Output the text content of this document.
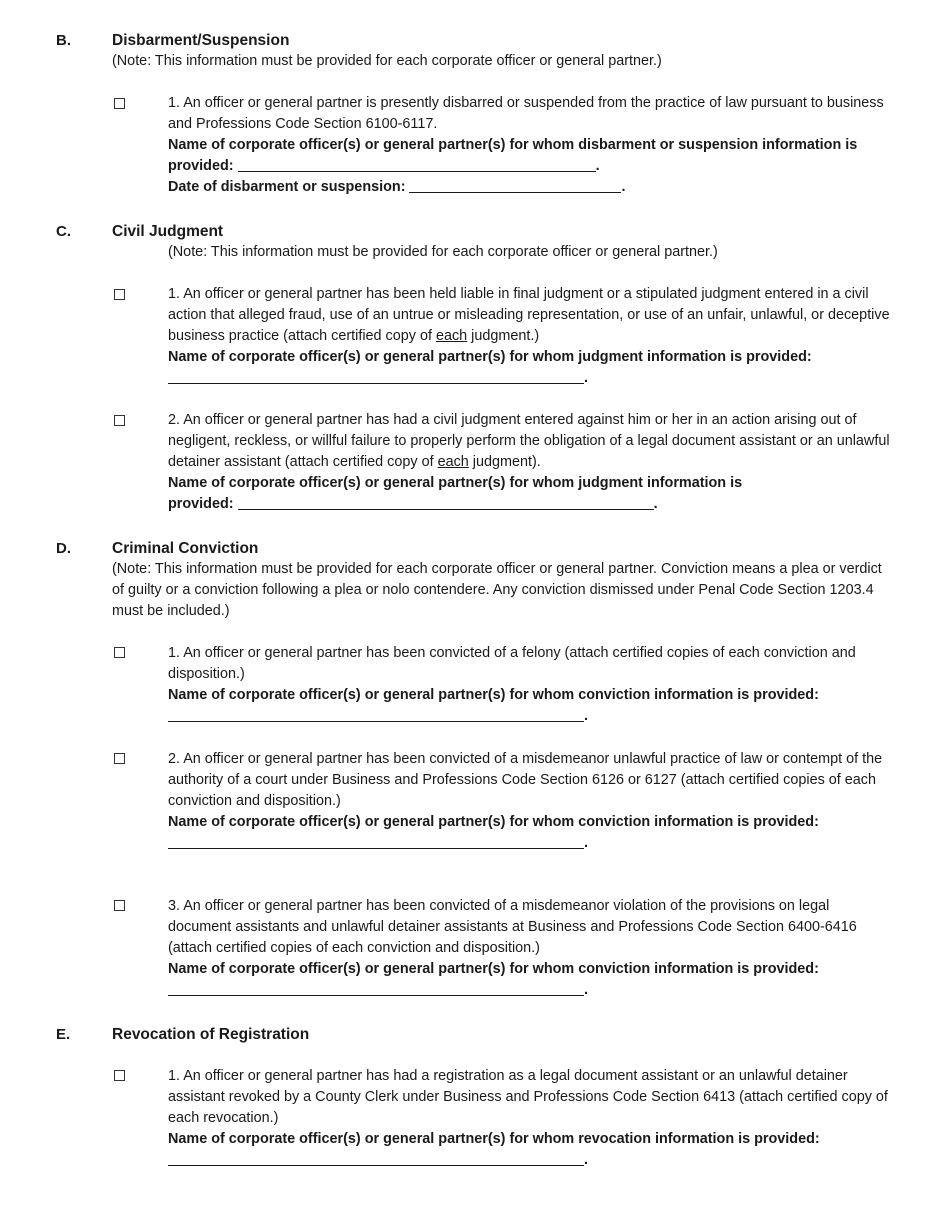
B.	Disbarment/Suspension
(Note: This information must be provided for each corporate officer or general partner.)

1. An officer or general partner is presently disbarred or suspended from the practice of law pursuant to business and Professions Code Section 6100-6117.

Name of corporate officer(s) or general partner(s) for whom disbarment or suspension information is provided:	.

Date of disbarment or suspension:	.

C.	Civil Judgment
(Note: This information must be provided for each corporate officer or general partner.)

1. An officer or general partner has been held liable in final judgment or a stipulated judgment entered in a civil action that alleged fraud, use of an untrue or misleading representation, or use of an unfair, unlawful, or deceptive business practice (attach certified copy of each judgment.)

Name of corporate officer(s) or general partner(s) for whom judgment information is provided:

.

2. An officer or general partner has had a civil judgment entered against him or her in an action arising out of negligent, reckless, or willful failure to properly perform the obligation of a legal document assistant or an unlawful detainer assistant (attach certified copy of each judgment).

Name of corporate officer(s) or general partner(s) for whom judgment information is

provided:	.

D.	Criminal Conviction
(Note: This information must be provided for each corporate officer or general partner. Conviction means a plea or verdict of guilty or a conviction following a plea or nolo contendere. Any conviction dismissed under Penal Code Section 1203.4 must be included.)

1. An officer or general partner has been convicted of a felony (attach certified copies of each conviction and disposition.)

Name of corporate officer(s) or general partner(s) for whom conviction information is provided:

.

2. An officer or general partner has been convicted of a misdemeanor unlawful practice of law or contempt of the authority of a court under Business and Professions Code Section 6126 or 6127 (attach certified copies of each conviction and disposition.)

Name of corporate officer(s) or general partner(s) for whom conviction information is provided:

.

3. An officer or general partner has been convicted of a misdemeanor violation of the provisions on legal document assistants and unlawful detainer assistants at Business and Professions Code Section 6400-6416 (attach certified copies of each conviction and disposition.)

Name of corporate officer(s) or general partner(s) for whom conviction information is provided:

.

E.	Revocation of Registration

1. An officer or general partner has had a registration as a legal document assistant or an unlawful detainer assistant revoked by a County Clerk under Business and Professions Code Section 6413 (attach certified copy of each revocation.)

Name of corporate officer(s) or general partner(s) for whom revocation information is provided:

.
